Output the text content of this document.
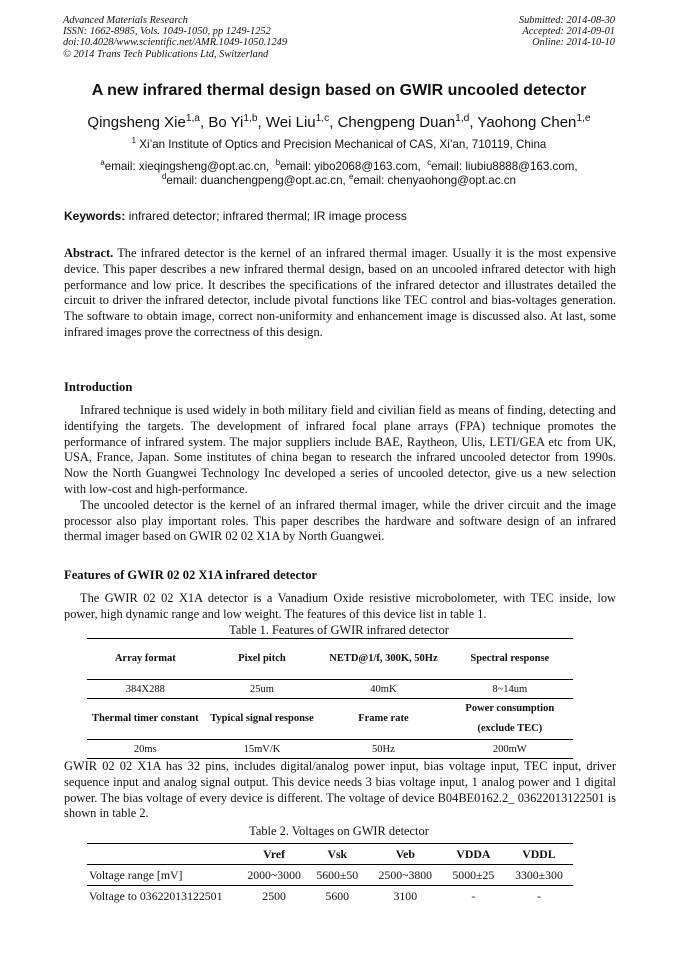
Advanced Materials Research
ISSN: 1662-8985, Vols. 1049-1050, pp 1249-1252
doi:10.4028/www.scientific.net/AMR.1049-1050.1249
© 2014 Trans Tech Publications Ltd, Switzerland
Submitted: 2014-08-30
Accepted: 2014-09-01
Online: 2014-10-10
A new infrared thermal design based on GWIR uncooled detector
Qingsheng Xie$^{1,a}$, Bo Yi$^{1,b}$, Wei Liu$^{1,c}$, Chengpeng Duan$^{1,d}$, Yaohong Chen$^{1,e}$
$^1$ Xi’an Institute of Optics and Precision Mechanical of CAS, Xi’an, 710119, China
$^a$email: xieqingsheng@opt.ac.cn, $^b$email: yibo2068@163.com, $^c$email: liubiu8888@163.com,
$^d$email: duanchengpeng@opt.ac.cn, $^e$email: chenyaohong@opt.ac.cn
Keywords: infrared detector; infrared thermal; IR image process

Abstract. The infrared detector is the kernel of an infrared thermal imager. Usually it is the most expensive device. This paper describes a new infrared thermal design, based on an uncooled infrared detector with high performance and low price. It describes the specifications of the infrared detector and illustrates detailed the circuit to driver the infrared detector, include pivotal functions like TEC control and bias-voltages generation. The software to obtain image, correct non-uniformity and enhancement image is discussed also. At last, some infrared images prove the correctness of this design.

Introduction

Infrared technique is used widely in both military field and civilian field as means of finding, detecting and identifying the targets. The development of infrared focal plane arrays (FPA) technique promotes the performance of infrared system. The major suppliers include BAE, Raytheon, Ulis, LETI/GEA etc from UK, USA, France, Japan. Some institutes of china began to research the infrared uncooled detector from 1990s. Now the North Guangwei Technology Inc developed a series of uncooled detector, give us a new selection with low-cost and high-performance.

The uncooled detector is the kernel of an infrared thermal imager, while the driver circuit and the image processor also play important roles. This paper describes the hardware and software design of an infrared thermal imager based on GWIR 02 02 X1A by North Guangwei.

Features of GWIR 02 02 X1A infrared detector

The GWIR 02 02 X1A detector is a Vanadium Oxide resistive microbolometer, with TEC inside, low power, high dynamic range and low weight. The features of this device list in table 1.

Table 1. Features of GWIR infrared detector
Array format	Pixel pitch	NETD@1/f, 300K, 50Hz	Spectral response
384X288	25um	40mK	8~14um
Thermal timer constant	Typical signal response	Frame rate	Power consumption (exclude TEC)
20ms	15mV/K	50Hz	200mW

GWIR 02 02 X1A has 32 pins, includes digital/analog power input, bias voltage input, TEC input, driver sequence input and analog signal output. This device needs 3 bias voltage input, 1 analog power and 1 digital power. The bias voltage of every device is different. The voltage of device B04BE0162.2_ 03622013122501 is shown in table 2.

Table 2. Voltages on GWIR detector
	Vref	Vsk	Veb	VDDA	VDDL
Voltage range [mV]	2000~3000	5600±50	2500~3800	5000±25	3300±300
Voltage to 03622013122501	2500	5600	3100	-	-
